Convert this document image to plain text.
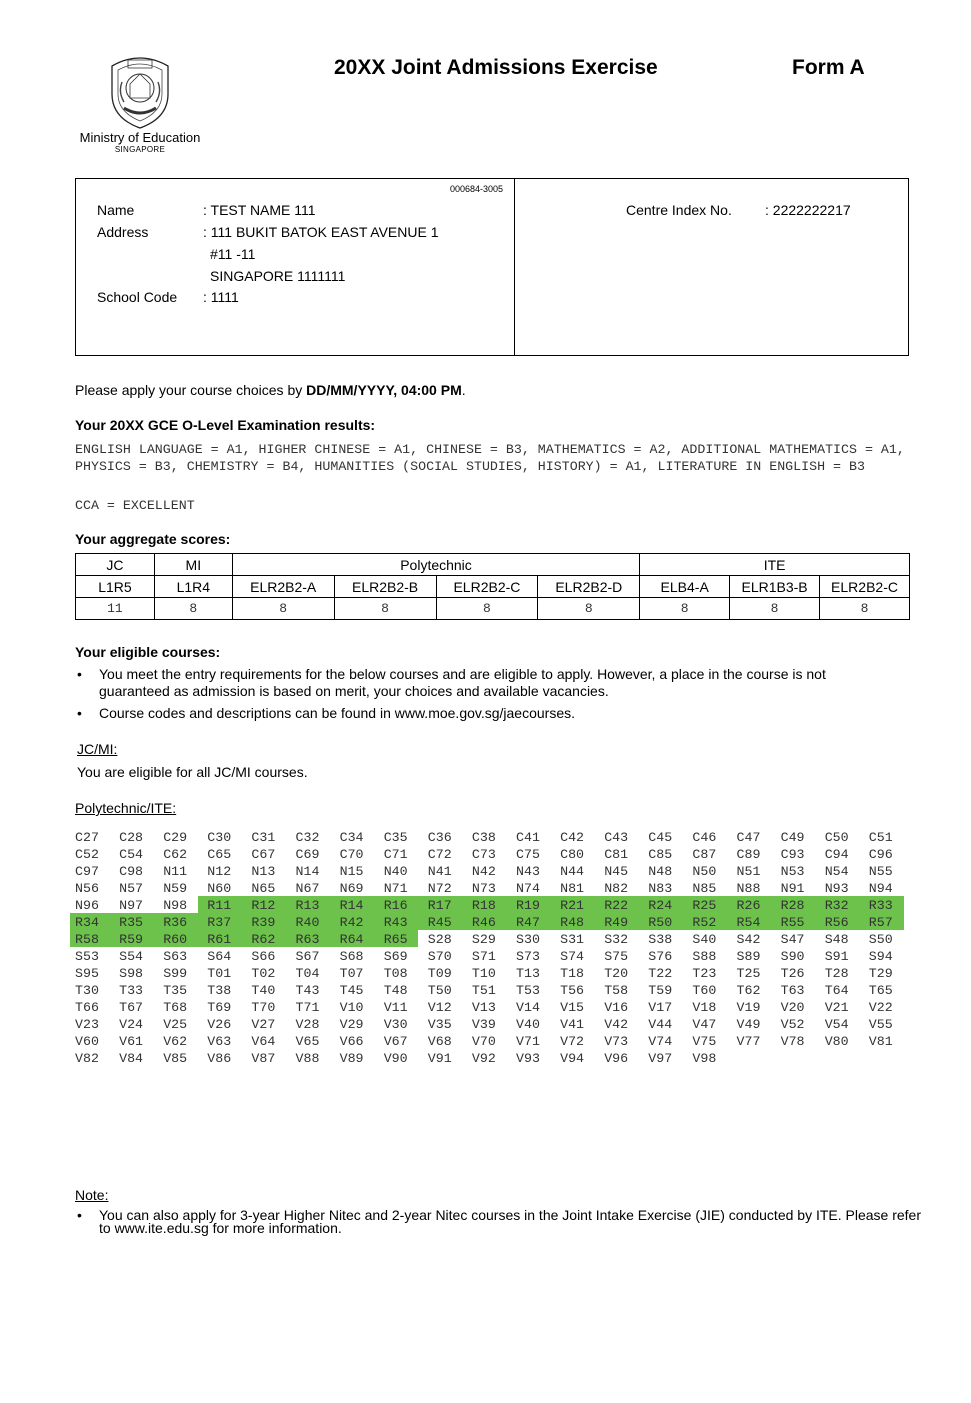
Ministry of Education
SINGAPORE
20XX Joint Admissions Exercise	Form A
000684-3005
Name	: TEST NAME 111
Address	: 111 BUKIT BATOK EAST AVENUE 1
#11 -11
SINGAPORE 1111111
School Code : 1111
Centre Index No. : 2222222217
Please apply your course choices by DD/MM/YYYY, 04:00 PM.
Your 20XX GCE O-Level Examination results:
ENGLISH LANGUAGE = A1, HIGHER CHINESE = A1, CHINESE = B3, MATHEMATICS = A2, ADDITIONAL MATHEMATICS = A1, PHYSICS = B3, CHEMISTRY = B4, HUMANITIES (SOCIAL STUDIES, HISTORY) = A1, LITERATURE IN ENGLISH = B3
CCA = EXCELLENT
Your aggregate scores:
JC	MI	Polytechnic				ITE		
L1R5	L1R4	ELR2B2-A	ELR2B2-B	ELR2B2-C	ELR2B2-D	ELB4-A	ELR1B3-B	ELR2B2-C
11	8	8	8	8	8	8	8	8
Your eligible courses:
• You meet the entry requirements for the below courses and are eligible to apply. However, a place in the course is not guaranteed as admission is based on merit, your choices and available vacancies.
• Course codes and descriptions can be found in www.moe.gov.sg/jaecourses.
JC/MI:
You are eligible for all JC/MI courses.
Polytechnic/ITE:
C27	C28	C29	C30	C31	C32	C34	C35	C36	C38	C41	C42	C43	C45	C46	C47	C49	C50	C51
C52	C54	C62	C65	C67	C69	C70	C71	C72	C73	C75	C80	C81	C85	C87	C89	C93	C94	C96
C97	C98	N11	N12	N13	N14	N15	N40	N41	N42	N43	N44	N45	N48	N50	N51	N53	N54	N55
N56	N57	N59	N60	N65	N67	N69	N71	N72	N73	N74	N81	N82	N83	N85	N88	N91	N93	N94
N96	N97	N98	R11	R12	R13	R14	R16	R17	R18	R19	R21	R22	R24	R25	R26	R28	R32	R33
R34	R35	R36	R37	R39	R40	R42	R43	R45	R46	R47	R48	R49	R50	R52	R54	R55	R56	R57
R58	R59	R60	R61	R62	R63	R64	R65	S28	S29	S30	S31	S32	S38	S40	S42	S47	S48	S50
S53	S54	S63	S64	S66	S67	S68	S69	S70	S71	S73	S74	S75	S76	S88	S89	S90	S91	S94
S95	S98	S99	T01	T02	T04	T07	T08	T09	T10	T13	T18	T20	T22	T23	T25	T26	T28	T29
T30	T33	T35	T38	T40	T43	T45	T48	T50	T51	T53	T56	T58	T59	T60	T62	T63	T64	T65
T66	T67	T68	T69	T70	T71	V10	V11	V12	V13	V14	V15	V16	V17	V18	V19	V20	V21	V22
V23	V24	V25	V26	V27	V28	V29	V30	V35	V39	V40	V41	V42	V44	V47	V49	V52	V54	V55
V60	V61	V62	V63	V64	V65	V66	V67	V68	V70	V71	V72	V73	V74	V75	V77	V78	V80	V81
V82	V84	V85	V86	V87	V88	V89	V90	V91	V92	V93	V94	V96	V97	V98
Note:
• You can also apply for 3-year Higher Nitec and 2-year Nitec courses in the Joint Intake Exercise (JIE) conducted by ITE. Please refer to www.ite.edu.sg for more information.
